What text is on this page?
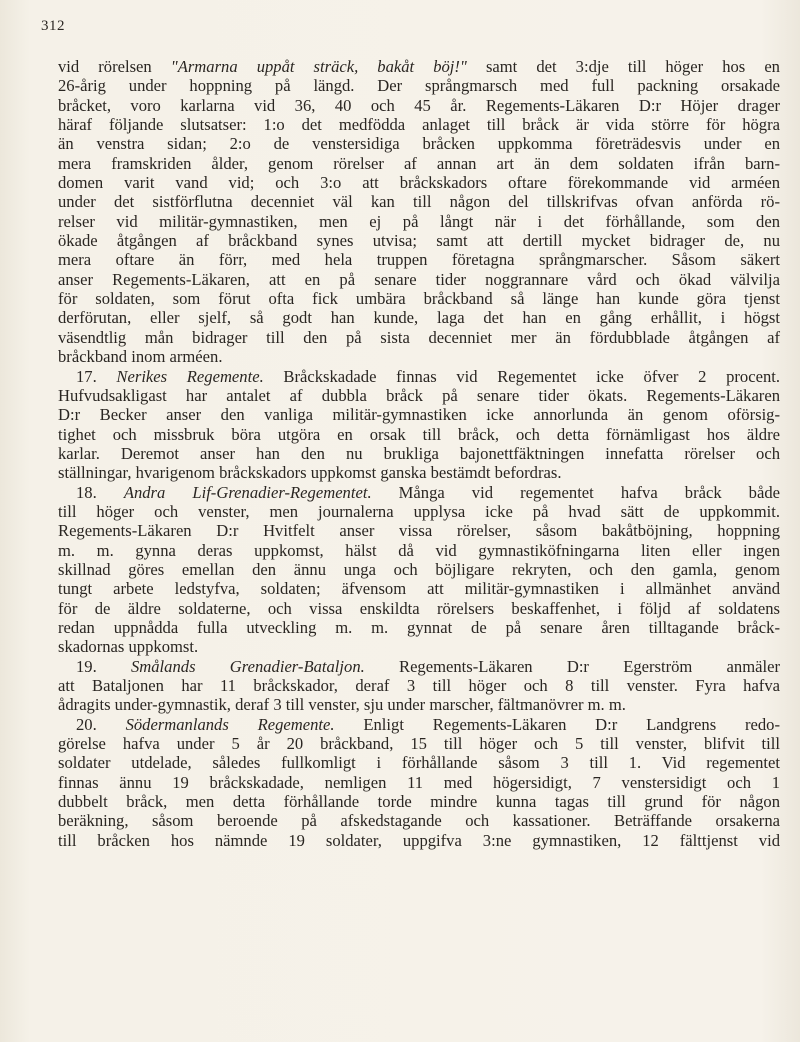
312
vid rörelsen "Armarna uppåt sträck, bakåt böj!" samt det 3:dje till höger hos en
26-årig under hoppning på längd. Der språngmarsch med full packning orsakade
bråcket, voro karlarna vid 36, 40 och 45 år. Regements-Läkaren D:r Höjer drager
häraf följande slutsatser: 1:o det medfödda anlaget till bråck är vida större för högra
än venstra sidan; 2:o de venstersidiga bråcken uppkomma företrädesvis under en
mera framskriden ålder, genom rörelser af annan art än dem soldaten ifrån barn-
domen varit vand vid; och 3:o att bråckskadors oftare förekommande vid arméen
under det sistförflutna decenniet väl kan till någon del tillskrifvas ofvan anförda rö-
relser vid militär-gymnastiken, men ej på långt när i det förhållande, som den
ökade åtgången af bråckband synes utvisa; samt att dertill mycket bidrager de, nu
mera oftare än förr, med hela truppen företagna språngmarscher. Såsom säkert
anser Regements-Läkaren, att en på senare tider noggrannare vård och ökad välvilja
för soldaten, som förut ofta fick umbära bråckband så länge han kunde göra tjenst
derförutan, eller sjelf, så godt han kunde, laga det han en gång erhållit, i högst
väsendtlig mån bidrager till den på sista decenniet mer än fördubblade åtgången af
bråckband inom arméen.
17. Nerikes Regemente. Bråckskadade finnas vid Regementet icke öfver 2 procent.
Hufvudsakligast har antalet af dubbla bråck på senare tider ökats. Regements-Läkaren
D:r Becker anser den vanliga militär-gymnastiken icke annorlunda än genom oförsig-
tighet och missbruk böra utgöra en orsak till bråck, och detta förnämligast hos äldre
karlar. Deremot anser han den nu brukliga bajonettfäktningen innefatta rörelser och
ställningar, hvarigenom bråckskadors uppkomst ganska bestämdt befordras.
18. Andra Lif-Grenadier-Regementet. Många vid regementet hafva bråck både
till höger och venster, men journalerna upplysa icke på hvad sätt de uppkommit.
Regements-Läkaren D:r Hvitfelt anser vissa rörelser, såsom bakåtböjning, hoppning
m. m. gynna deras uppkomst, hälst då vid gymnastiköfningarna liten eller ingen
skillnad göres emellan den ännu unga och böjligare rekryten, och den gamla, genom
tungt arbete ledstyfva, soldaten; äfvensom att militär-gymnastiken i allmänhet använd
för de äldre soldaterne, och vissa enskildta rörelsers beskaffenhet, i följd af soldatens
redan uppnådda fulla utveckling m. m. gynnat de på senare åren tilltagande bråck-
skadornas uppkomst.
19. Smålands Grenadier-Bataljon. Regements-Läkaren D:r Egerström anmäler
att Bataljonen har 11 bråckskador, deraf 3 till höger och 8 till venster. Fyra hafva
ådragits under-gymnastik, deraf 3 till venster, sju under marscher, fältmanövrer m. m.
20. Södermanlands Regemente. Enligt Regements-Läkaren D:r Landgrens redo-
görelse hafva under 5 år 20 bråckband, 15 till höger och 5 till venster, blifvit till
soldater utdelade, således fullkomligt i förhållande såsom 3 till 1. Vid regementet
finnas ännu 19 bråckskadade, nemligen 11 med högersidigt, 7 venstersidigt och 1
dubbelt bråck, men detta förhållande torde mindre kunna tagas till grund för någon
beräkning, såsom beroende på afskedstagande och kassationer. Beträffande orsakerna
till bråcken hos nämnde 19 soldater, uppgifva 3:ne gymnastiken, 12 fälttjenst vid
